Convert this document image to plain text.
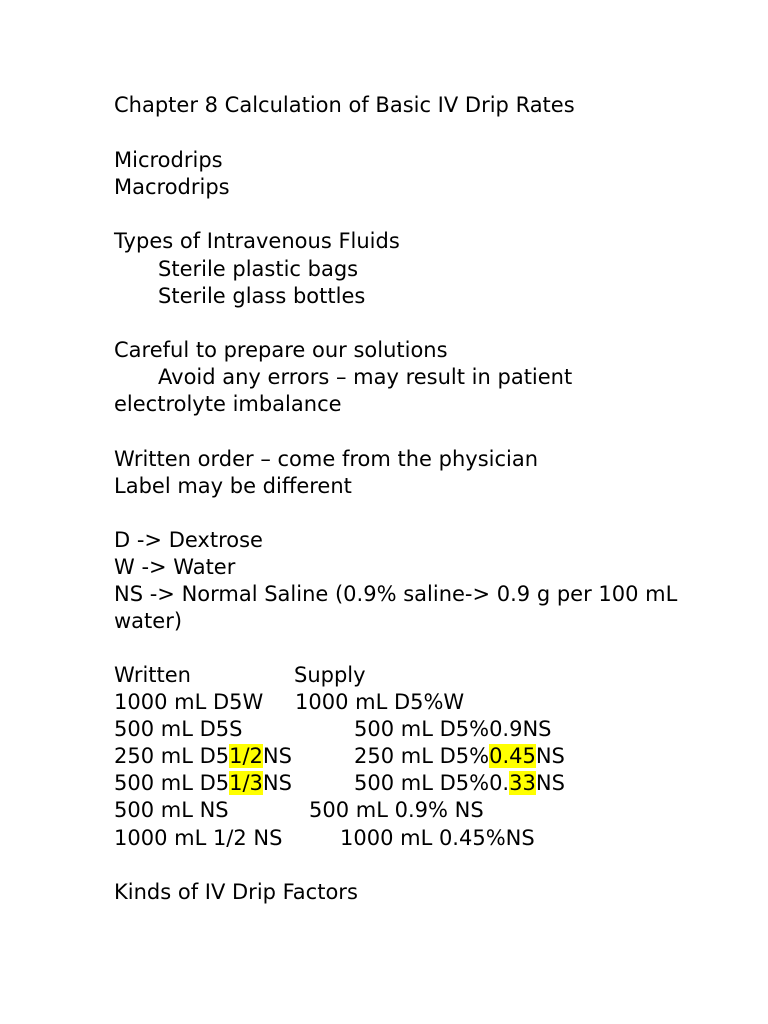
Chapter 8 Calculation of Basic IV Drip Rates
Microdrips
Macrodrips
Types of Intravenous Fluids
Sterile plastic bags
Sterile glass bottles
Careful to prepare our solutions
Avoid any errors – may result in patient
electrolyte imbalance
Written order – come from the physician
Label may be different
D -> Dextrose
W -> Water
NS -> Normal Saline (0.9% saline-> 0.9 g per 100 mL
water)
Written	Supply
1000 mL D5W 1000 mL D5%W
500 mL D5S	500 mL D5%0.9NS
250 mL D51/2NS	250 mL D5%0.45NS
500 mL D51/3NS	500 mL D5%0.33NS
500 mL NS	500 mL 0.9% NS
1000 mL 1/2 NS	1000 mL 0.45%NS
Kinds of IV Drip Factors
